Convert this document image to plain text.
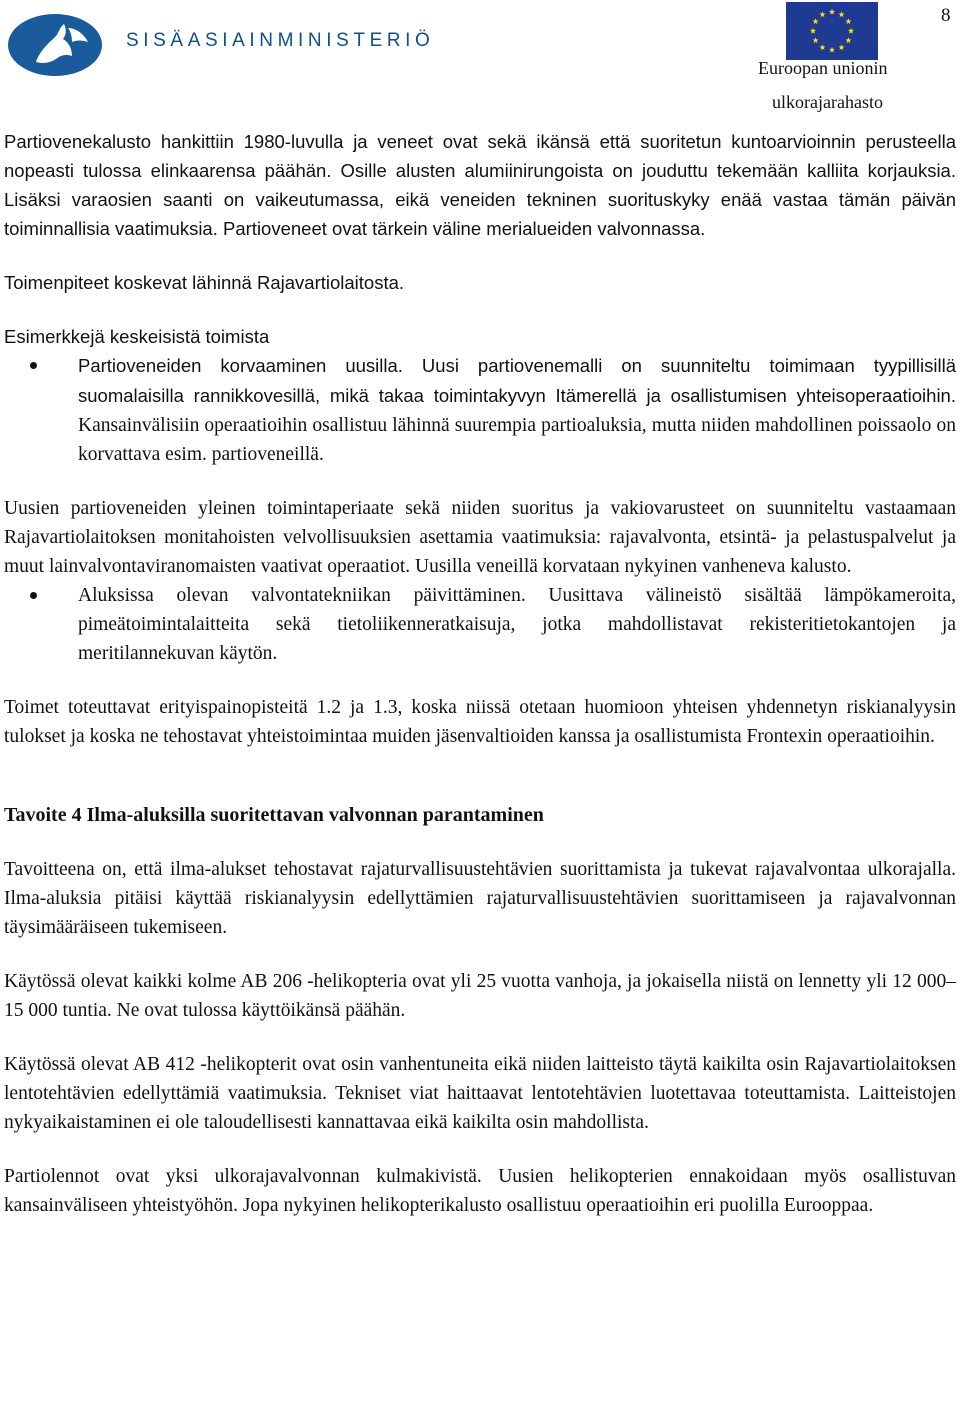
SISÄASIAINMINISTERIÖ
Euroopan unionin
ulkorajarahasto
8

Partiovenekalusto hankittiin 1980-luvulla ja veneet ovat sekä ikänsä että suoritetun kuntoarvioinnin perusteella nopeasti tulossa elinkaarensa päähän. Osille alusten alumiinirungoista on jouduttu tekemään kalliita korjauksia. Lisäksi varaosien saanti on vaikeutumassa, eikä veneiden tekninen suorituskyky enää vastaa tämän päivän toiminnallisia vaatimuksia. Partioveneet ovat tärkein väline merialueiden valvonnassa.

Toimenpiteet koskevat lähinnä Rajavartiolaitosta.

Esimerkkejä keskeisistä toimista

Partioveneiden korvaaminen uusilla. Uusi partiovenemalli on suunniteltu toimimaan tyypillisillä suomalaisilla rannikkovesillä, mikä takaa toimintakyvyn Itämerellä ja osallistumisen yhteisoperaatioihin. Kansainvälisiin operaatioihin osallistuu lähinnä suurempia partioaluksia, mutta niiden mahdollinen poissaolo on korvattava esim. partioveneillä.

Uusien partioveneiden yleinen toimintaperiaate sekä niiden suoritus ja vakiovarusteet on suunniteltu vastaamaan Rajavartiolaitoksen monitahoisten velvollisuuksien asettamia vaatimuksia: rajavalvonta, etsintä- ja pelastuspalvelut ja muut lainvalvontaviranomaisten vaativat operaatiot. Uusilla veneillä korvataan nykyinen vanheneva kalusto.

Aluksissa olevan valvontatekniikan päivittäminen. Uusittava välineistö sisältää lämpökameroita, pimeätoimintalaitteita sekä tietoliikenneratkaisuja, jotka mahdollistavat rekisteritietokantojen ja meritilannekuvan käytön.

Toimet toteuttavat erityispainopisteitä 1.2 ja 1.3, koska niissä otetaan huomioon yhteisen yhdennetyn riskianalyysin tulokset ja koska ne tehostavat yhteistoimintaa muiden jäsenvaltioiden kanssa ja osallistumista Frontexin operaatioihin.

Tavoite 4 Ilma-aluksilla suoritettavan valvonnan parantaminen

Tavoitteena on, että ilma-alukset tehostavat rajaturvallisuustehtävien suorittamista ja tukevat rajavalvontaa ulkorajalla. Ilma-aluksia pitäisi käyttää riskianalyysin edellyttämien rajaturvallisuustehtävien suorittamiseen ja rajavalvonnan täysimääräiseen tukemiseen.

Käytössä olevat kaikki kolme AB 206 -helikopteria ovat yli 25 vuotta vanhoja, ja jokaisella niistä on lennetty yli 12 000–15 000 tuntia. Ne ovat tulossa käyttöikänsä päähän.

Käytössä olevat AB 412 -helikopterit ovat osin vanhentuneita eikä niiden laitteisto täytä kaikilta osin Rajavartiolaitoksen lentotehtävien edellyttämiä vaatimuksia. Tekniset viat haittaavat lentotehtävien luotettavaa toteuttamista. Laitteistojen nykyaikaistaminen ei ole taloudellisesti kannattavaa eikä kaikilta osin mahdollista.

Partiolennot ovat yksi ulkorajavalvonnan kulmakivistä. Uusien helikopterien ennakoidaan myös osallistuvan kansainväliseen yhteistyöhön. Jopa nykyinen helikopterikalusto osallistuu operaatioihin eri puolilla Eurooppaa.
